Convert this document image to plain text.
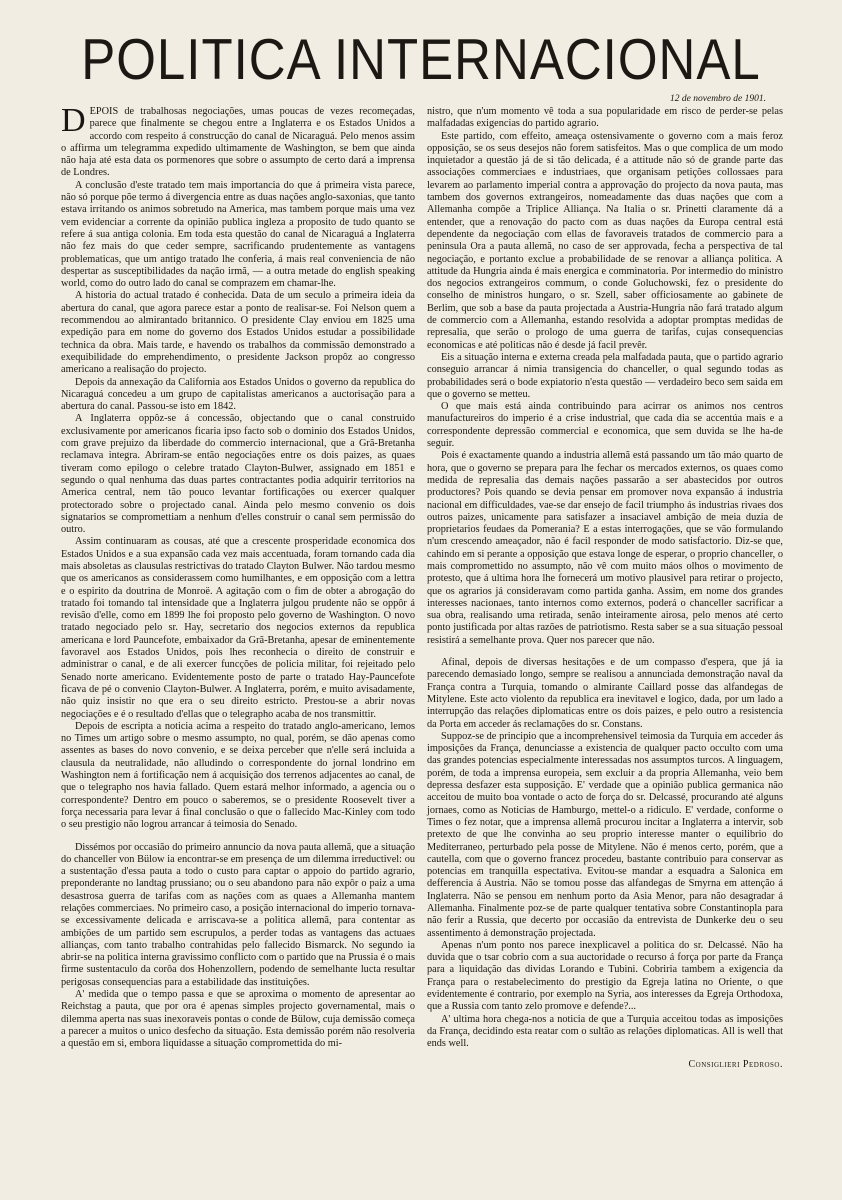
POLITICA INTERNACIONAL
12 de novembro de 1901.

DEPOIS de trabalhosas negociações, umas poucas de vezes recomeçadas, parece que finalmente se chegou entre a Inglaterra e os Estados Unidos a accordo com respeito á construcção do canal de Nicaraguá. Pelo menos assim o affirma um telegramma expedido ultimamente de Washington, se bem que ainda não haja até esta data os pormenores que sobre o assumpto de certo dará a imprensa de Londres.

A conclusão d'este tratado tem mais importancia do que á primeira vista parece, não só porque põe termo á divergencia entre as duas nações anglo-saxonias, que tanto estava irritando os animos sobretudo na America, mas tambem porque mais uma vez vem evidenciar a corrente da opinião publica ingleza a proposito de tudo quanto se refere á sua antiga colonia. Em toda esta questão do canal de Nicaraguá a Inglaterra não fez mais do que ceder sempre, sacrificando prudentemente as vantagens problematicas, que um antigo tratado lhe conferia, á mais real conveniencia de não despertar as susceptibilidades da nação irmã, — a outra metade do english speaking world, como do outro lado do canal se comprazem em chamar-lhe.

A historia do actual tratado é conhecida. Data de um seculo a primeira ideia da abertura do canal, que agora parece estar a ponto de realisar-se. Foi Nelson quem a recommendou ao almirantado britannico. O presidente Clay enviou em 1825 uma expedição para em nome do governo dos Estados Unidos estudar a possibilidade technica da obra. Mais tarde, e havendo os trabalhos da commissão demonstrado a exequibilidade do emprehendimento, o presidente Jackson propôz ao congresso americano a realisação do projecto.

Depois da annexação da California aos Estados Unidos o governo da republica do Nicaraguá concedeu a um grupo de capitalistas americanos a auctorisação para a abertura do canal. Passou-se isto em 1842.

A Inglaterra oppôz-se á concessão, objectando que o canal construido exclusivamente por americanos ficaria ipso facto sob o dominio dos Estados Unidos, com grave prejuizo da liberdade do commercio internacional, que a Grã-Bretanha reclamava integra. Abriram-se então negociações entre os dois paizes, as quaes tiveram como epilogo o celebre tratado Clayton-Bulwer, assignado em 1851 e segundo o qual nenhuma das duas partes contractantes podia adquirir territorios na America central, nem tão pouco levantar fortificações ou exercer qualquer protectorado sobre o projectado canal. Ainda pelo mesmo convenio os dois signatarios se compromettiam a nenhum d'elles construir o canal sem permissão do outro.

Assim continuaram as cousas, até que a crescente prosperidade economica dos Estados Unidos e a sua expansão cada vez mais accentuada, foram tornando cada dia mais absoletas as clausulas restrictivas do tratado Clayton Bulwer. Não tardou mesmo que os americanos as considerassem como humilhantes, e em opposição com a lettra e o espirito da doutrina de Monroë. A agitação com o fim de obter a abrogação do tratado foi tomando tal intensidade que a Inglaterra julgou prudente não se oppôr á revisão d'elle, como em 1899 lhe foi proposto pelo governo de Washington. O novo tratado negociado pelo sr. Hay, secretario dos negocios externos da republica americana e lord Pauncefote, embaixador da Grã-Bretanha, apesar de eminentemente favoravel aos Estados Unidos, pois lhes reconhecia o direito de construir e administrar o canal, e de ali exercer funcções de policia militar, foi rejeitado pelo Senado norte americano. Evidentemente posto de parte o tratado Hay-Pauncefote ficava de pé o convenio Clayton-Bulwer. A Inglaterra, porém, e muito avisadamente, não quiz insistir no que era o seu direito estricto. Prestou-se a abrir novas negociações e é o resultado d'ellas que o telegrapho acaba de nos transmittir.

Depois de escripta a noticia acima a respeito do tratado anglo-americano, lemos no Times um artigo sobre o mesmo assumpto, no qual, porém, se dão apenas como assentes as bases do novo convenio, e se deixa perceber que n'elle será incluida a clausula da neutralidade, não alludindo o correspondente do jornal londrino em Washington nem á fortificação nem á acquisição dos terrenos adjacentes ao canal, de que o telegrapho nos havia fallado. Quem estará melhor informado, a agencia ou o correspondente? Dentro em pouco o saberemos, se o presidente Roosevelt tiver a força necessaria para levar á final conclusão o que o fallecido Mac-Kinley com todo o seu prestigio não logrou arrancar á teimosia do Senado.

Dissémos por occasião do primeiro annuncio da nova pauta allemã, que a situação do chanceller von Bülow ia encontrar-se em presença de um dilemma irreductivel: ou a sustentação d'essa pauta a todo o custo para captar o appoio do partido agrario, preponderante no landtag prussiano; ou o seu abandono para não expôr o paiz a uma desastrosa guerra de tarifas com as nações com as quaes a Allemanha mantem relações commerciaes. No primeiro caso, a posição internacional do imperio tornava-se excessivamente delicada e arriscava-se a politica allemã, para contentar as ambições de um partido sem escrupulos, a perder todas as vantagens das actuaes allianças, com tanto trabalho contrahidas pelo fallecido Bismarck. No segundo ia abrir-se na politica interna gravissimo conflicto com o partido que na Prussia é o mais firme sustentaculo da corôa dos Hohenzollern, podendo de semelhante lucta resultar perigosas consequencias para a estabilidade das instituições.

A' medida que o tempo passa e que se aproxima o momento de apresentar ao Reichstag a pauta, que por ora é apenas simples projecto governamental, mais o dilemma aperta nas suas inexoraveis pontas o conde de Bülow, cuja demissão começa a parecer a muitos o unico desfecho da situação. Esta demissão porém não resolveria a questão em si, embora liquidasse a situação compromettida do mi-

nistro, que n'um momento vê toda a sua popularidade em risco de perder-se pelas malfadadas exigencias do partido agrario.

Este partido, com effeito, ameaça ostensivamente o governo com a mais feroz opposição, se os seus desejos não forem satisfeitos. Mas o que complica de um modo inquietador a questão já de si tão delicada, é a attitude não só de grande parte das associações commerciaes e industriaes, que organisam petições collossaes para levarem ao parlamento imperial contra a approvação do projecto da nova pauta, mas tambem dos governos extrangeiros, nomeadamente das duas nações que com a Allemanha compõe a Triplice Alliança. Na Italia o sr. Prinetti claramente dá a entender, que a renovação do pacto com as duas nações da Europa central está dependente da negociação com ellas de favoraveis tratados de commercio para a peninsula Ora a pauta allemã, no caso de ser approvada, fecha a perspectiva de tal negociação, e portanto exclue a probabilidade de se renovar a alliança politica. A attitude da Hungria ainda é mais energica e comminatoria. Por intermedio do ministro dos negocios extrangeiros commum, o conde Goluchowski, fez o presidente do conselho de ministros hungaro, o sr. Szell, saber officiosamente ao gabinete de Berlim, que sob a base da pauta projectada a Austria-Hungria não fará tratado algum de commercio com a Allemanha, estando resolvida a adoptar promptas medidas de represalia, que serão o prologo de uma guerra de tarifas, cujas consequencias economicas e até politicas não é desde já facil prevêr.

Eis a situação interna e externa creada pela malfadada pauta, que o partido agrario conseguio arrancar á nimia transigencia do chanceller, o qual segundo todas as probabilidades será o bode expiatorio n'esta questão — verdadeiro beco sem saida em que o governo se metteu.

O que mais está ainda contribuindo para acirrar os animos nos centros manufactureiros do imperio é a crise industrial, que cada dia se accentúa mais e a correspondente depressão commercial e economica, que sem duvida se lhe ha-de seguir.

Pois é exactamente quando a industria allemã está passando um tão máo quarto de hora, que o governo se prepara para lhe fechar os mercados externos, os quaes como medida de represalia das demais nações passarão a ser abastecidos por outros productores? Pois quando se devia pensar em promover nova expansão á industria nacional em difficuldades, vae-se dar ensejo de facil triumpho ás industrias rivaes dos outros paizes, unicamente para satisfazer a insaciavel ambição de meia duzia de proprietarios feudaes da Pomerania? E a estas interrogações, que se vão formulando n'um crescendo ameaçador, não é facil responder de modo satisfactorio. Diz-se que, cahindo em si perante a opposição que estava longe de esperar, o proprio chanceller, o mais compromettido no assumpto, não vê com muito máos olhos o movimento de protesto, que á ultima hora lhe fornecerá um motivo plausivel para retirar o projecto, que os agrarios já consideravam como partida ganha. Assim, em nome dos grandes interesses nacionaes, tanto internos como externos, poderá o chanceller sacrificar a sua obra, realisando uma retirada, senão inteiramente airosa, pelo menos até certo ponto justificada por altas razões de patriotismo. Resta saber se a sua situação pessoal resistirá a semelhante prova. Quer nos parecer que não.

Afinal, depois de diversas hesitações e de um compasso d'espera, que já ia parecendo demasiado longo, sempre se realisou a annunciada demonstração naval da França contra a Turquia, tomando o almirante Caillard posse das alfandegas de Mitylene. Este acto violento da republica era inevitavel e logico, dada, por um lado a interrupção das relações diplomaticas entre os dois paizes, e pelo outro a resistencia da Porta em acceder ás reclamações do sr. Constans.

Suppoz-se de principio que a incomprehensivel teimosia da Turquia em acceder ás imposições da França, denunciasse a existencia de qualquer pacto occulto com uma das grandes potencias especialmente interessadas nos assumptos turcos. A linguagem, porém, de toda a imprensa europeia, sem excluir a da propria Allemanha, veio bem depressa desfazer esta supposição. E' verdade que a opinião publica germanica não acceitou de muito boa vontade o acto de força do sr. Delcassé, procurando até alguns jornaes, como as Noticias de Hamburgo, mettel-o a ridiculo. E' verdade, conforme o Times o fez notar, que a imprensa allemã procurou incitar a Inglaterra a intervir, sob pretexto de que lhe convinha ao seu proprio interesse manter o equilibrio do Mediterraneo, perturbado pela posse de Mitylene. Não é menos certo, porém, que a cautella, com que o governo francez procedeu, bastante contribuio para conservar as potencias em tranquilla espectativa. Evitou-se mandar a esquadra a Salonica em defferencia á Austria. Não se tomou posse das alfandegas de Smyrna em attenção á Inglaterra. Não se pensou em nenhum porto da Asia Menor, para não desagradar á Allemanha. Finalmente poz-se de parte qualquer tentativa sobre Constantinopla para não ferir a Russia, que decerto por occasião da entrevista de Dunkerke deu o seu assentimento á demonstração projectada.

Apenas n'um ponto nos parece inexplicavel a politica do sr. Delcassé. Não ha duvida que o tsar cobrio com a sua auctoridade o recurso á força por parte da França para a liquidação das dividas Lorando e Tubini. Cobriria tambem a exigencia da França para o restabelecimento do prestigio da Egreja latina no Oriente, o que evidentemente é contrario, por exemplo na Syria, aos interesses da Egreja Orthodoxa, que a Russia com tanto zelo promove e defende?...

A' ultima hora chega-nos a noticia de que a Turquia acceitou todas as imposições da França, decidindo esta reatar com o sultão as relações diplomaticas. All is well that ends well.

Consiglieri Pedroso.
